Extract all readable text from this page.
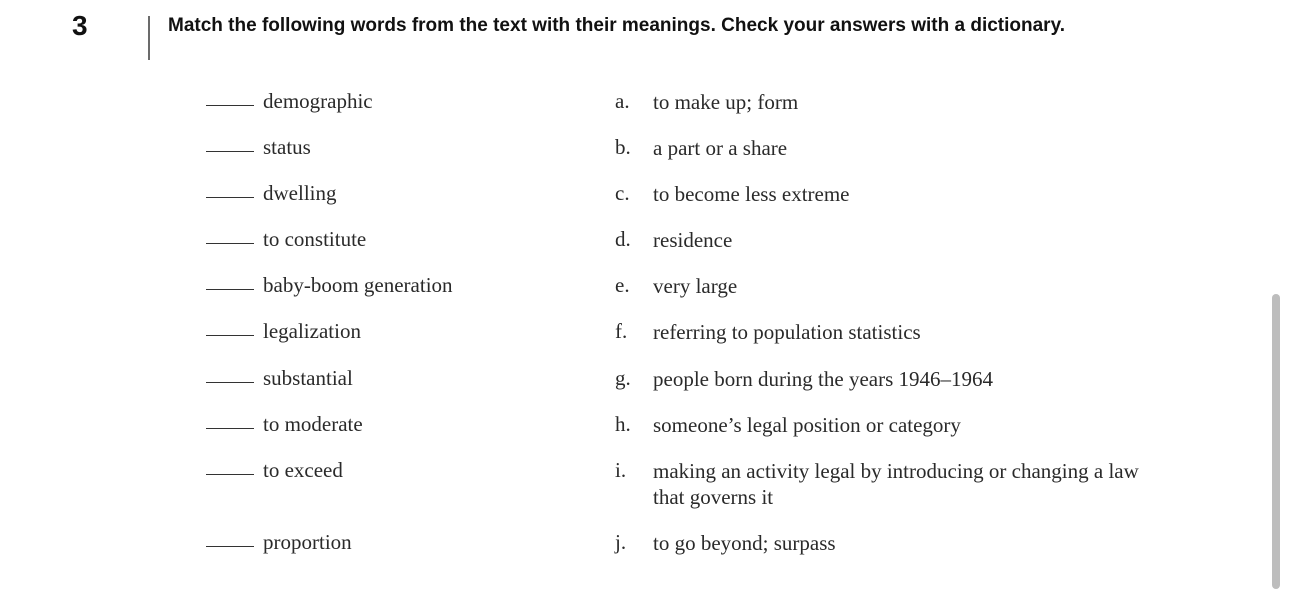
3	Match the following words from the text with their meanings. Check your answers with a dictionary.
demographic	a. to make up; form
status	b. a part or a share
dwelling	c. to become less extreme
to constitute	d. residence
baby-boom generation	e. very large
legalization	f. referring to population statistics
substantial	g. people born during the years 1946–1964
to moderate	h. someone’s legal position or category
to exceed	i. making an activity legal by introducing or changing a law that governs it
proportion	j. to go beyond; surpass
